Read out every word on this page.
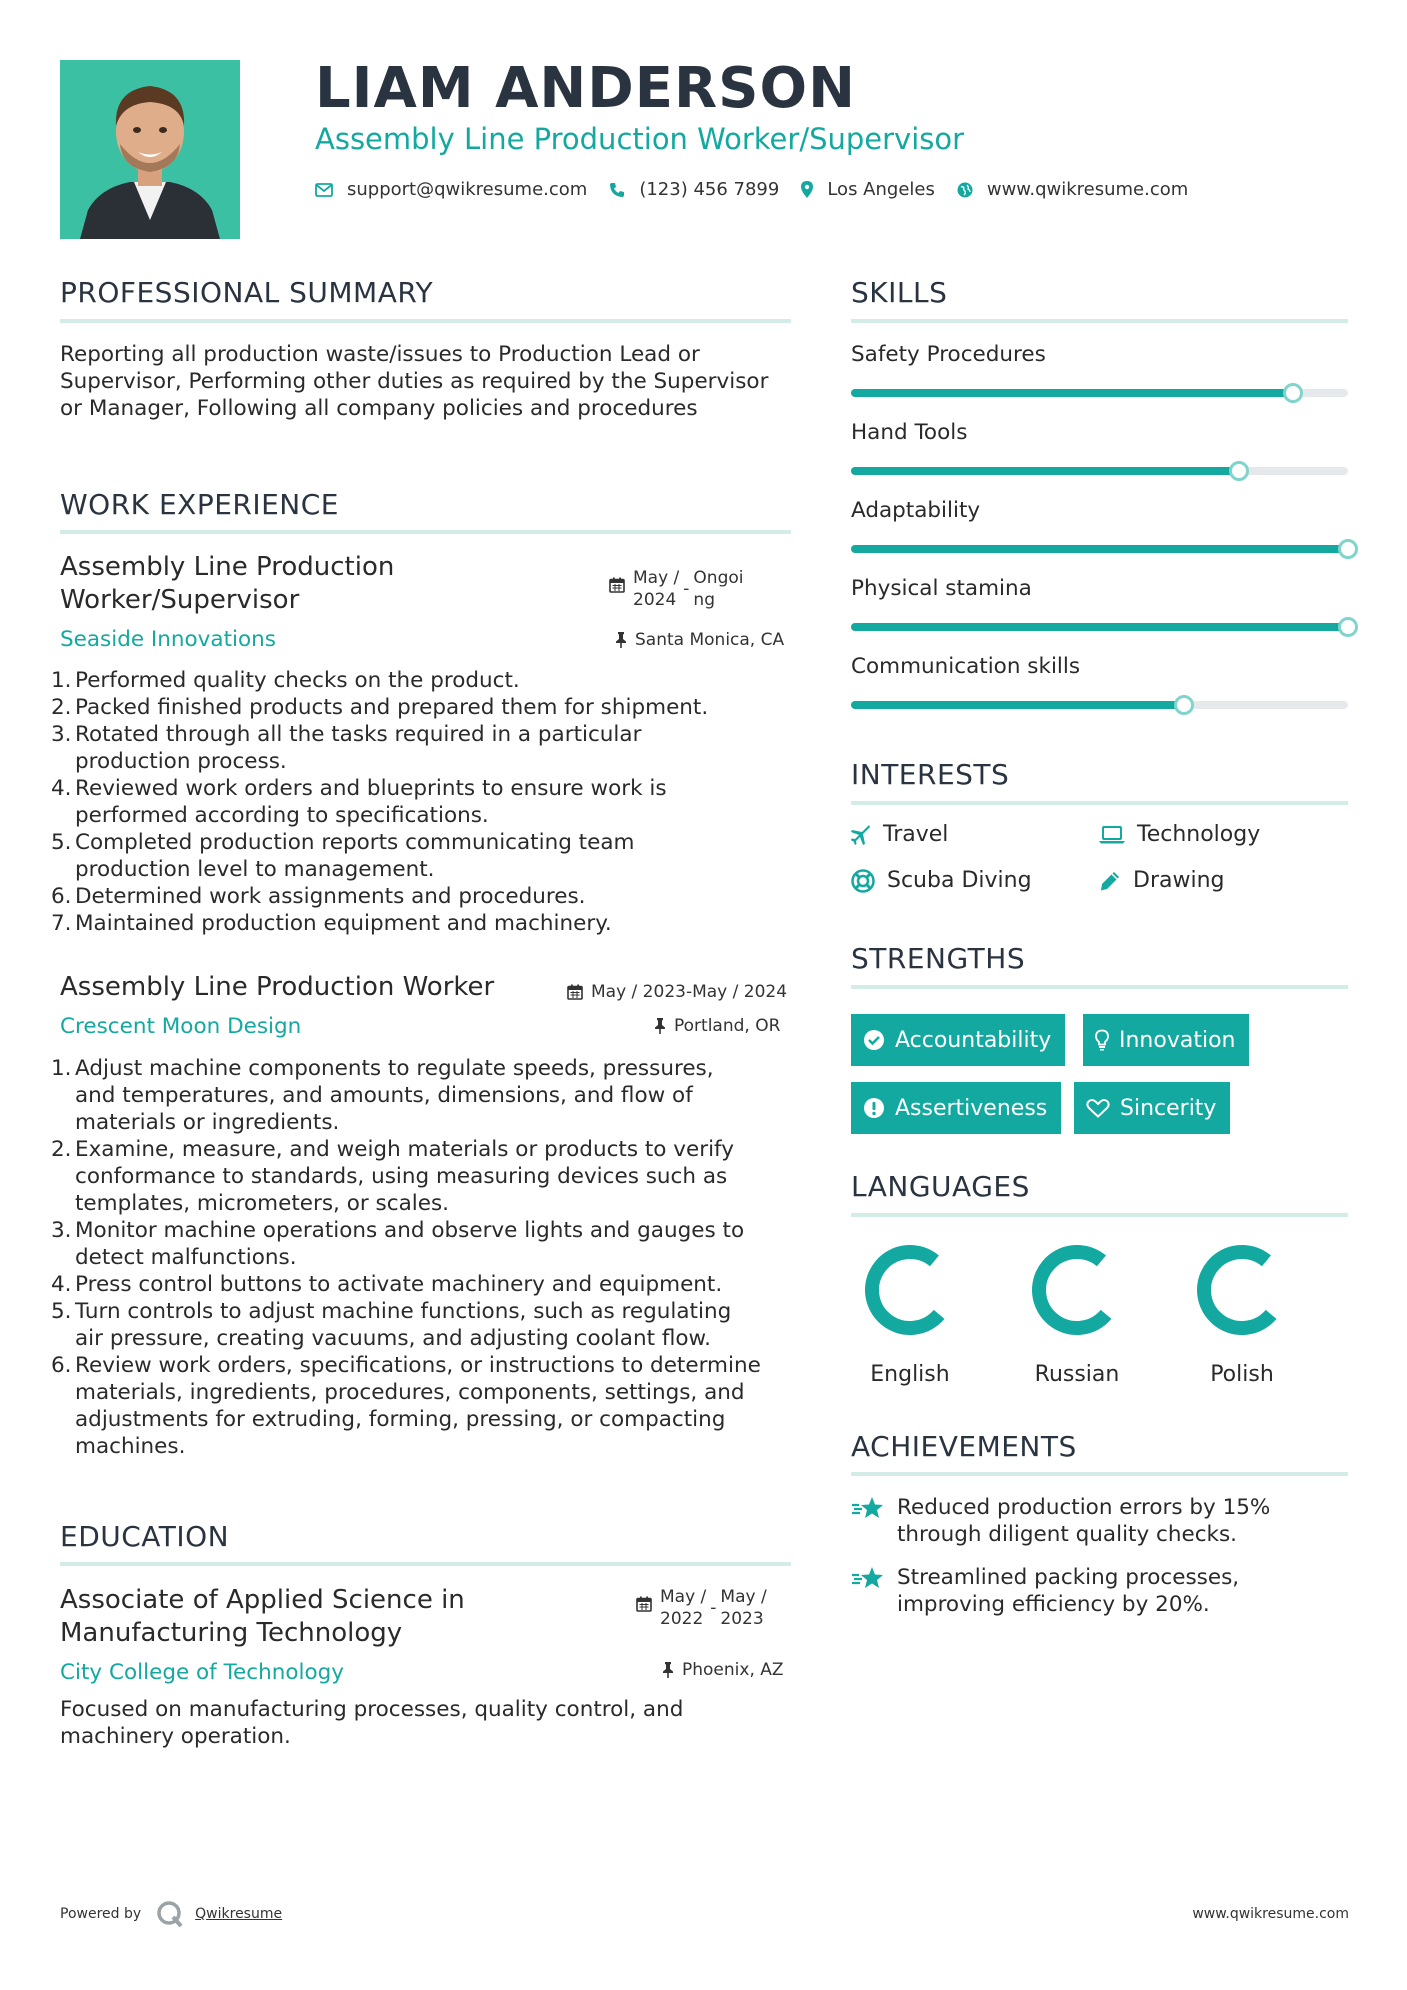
LIAM ANDERSON
Assembly Line Production Worker/Supervisor
support@qwikresume.com	(123) 456 7899	Los Angeles	www.qwikresume.com
PROFESSIONAL SUMMARY
Reporting all production waste/issues to Production Lead or Supervisor, Performing other duties as required by the Supervisor or Manager, Following all company policies and procedures
WORK EXPERIENCE
Assembly Line Production
Worker/Supervisor
May /
2024
-
Ongoi
ng
Seaside Innovations	Santa Monica, CA
1. Performed quality checks on the product.
2. Packed finished products and prepared them for shipment.
3. Rotated through all the tasks required in a particular
production process.
4. Reviewed work orders and blueprints to ensure work is
performed according to specifications.
5. Completed production reports communicating team
production level to management.
6. Determined work assignments and procedures.
7. Maintained production equipment and machinery.
Assembly Line Production Worker	May / 2023-May / 2024
Crescent Moon Design	Portland, OR
1. Adjust machine components to regulate speeds, pressures,
and temperatures, and amounts, dimensions, and flow of
materials or ingredients.
2. Examine, measure, and weigh materials or products to verify
conformance to standards, using measuring devices such as
templates, micrometers, or scales.
3. Monitor machine operations and observe lights and gauges to
detect malfunctions.
4. Press control buttons to activate machinery and equipment.
5. Turn controls to adjust machine functions, such as regulating
air pressure, creating vacuums, and adjusting coolant flow.
6. Review work orders, specifications, or instructions to determine
materials, ingredients, procedures, components, settings, and
adjustments for extruding, forming, pressing, or compacting
machines.
EDUCATION
Associate of Applied Science in
Manufacturing Technology
May /
2022
-
May /
2023
City College of Technology	Phoenix, AZ
Focused on manufacturing processes, quality control, and machinery operation.
SKILLS
Safety Procedures
Hand Tools
Adaptability
Physical stamina
Communication skills
INTERESTS
Travel	Technology
Scuba Diving	Drawing
STRENGTHS
Accountability	Innovation
Assertiveness	Sincerity
LANGUAGES
English	Russian	Polish
ACHIEVEMENTS
Reduced production errors by 15%
through diligent quality checks.
Streamlined packing processes,
improving efficiency by 20%.
Powered by	Qwikresume	www.qwikresume.com
